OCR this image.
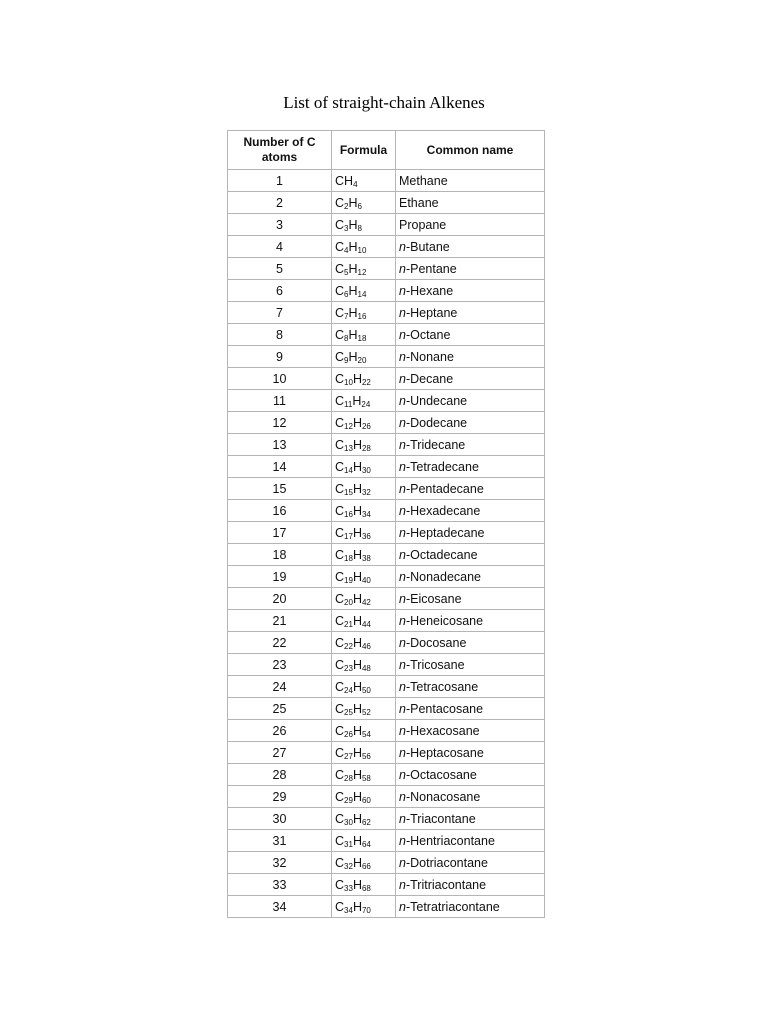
List of straight-chain Alkenes
Number of C atoms	Formula	Common name
1	$CH_4$	Methane
2	$C_2H_6$	Ethane
3	$C_3H_8$	Propane
4	$C_4H_{10}$	n-Butane
5	$C_5H_{12}$	n-Pentane
6	$C_6H_{14}$	n-Hexane
7	$C_7H_{16}$	n-Heptane
8	$C_8H_{18}$	n-Octane
9	$C_9H_{20}$	n-Nonane
10	$C_{10}H_{22}$	n-Decane
11	$C_{11}H_{24}$	n-Undecane
12	$C_{12}H_{26}$	n-Dodecane
13	$C_{13}H_{28}$	n-Tridecane
14	$C_{14}H_{30}$	n-Tetradecane
15	$C_{15}H_{32}$	n-Pentadecane
16	$C_{16}H_{34}$	n-Hexadecane
17	$C_{17}H_{36}$	n-Heptadecane
18	$C_{18}H_{38}$	n-Octadecane
19	$C_{19}H_{40}$	n-Nonadecane
20	$C_{20}H_{42}$	n-Eicosane
21	$C_{21}H_{44}$	n-Heneicosane
22	$C_{22}H_{46}$	n-Docosane
23	$C_{23}H_{48}$	n-Tricosane
24	$C_{24}H_{50}$	n-Tetracosane
25	$C_{25}H_{52}$	n-Pentacosane
26	$C_{26}H_{54}$	n-Hexacosane
27	$C_{27}H_{56}$	n-Heptacosane
28	$C_{28}H_{58}$	n-Octacosane
29	$C_{29}H_{60}$	n-Nonacosane
30	$C_{30}H_{62}$	n-Triacontane
31	$C_{31}H_{64}$	n-Hentriacontane
32	$C_{32}H_{66}$	n-Dotriacontane
33	$C_{33}H_{68}$	n-Tritriacontane
34	$C_{34}H_{70}$	n-Tetratriacontane
